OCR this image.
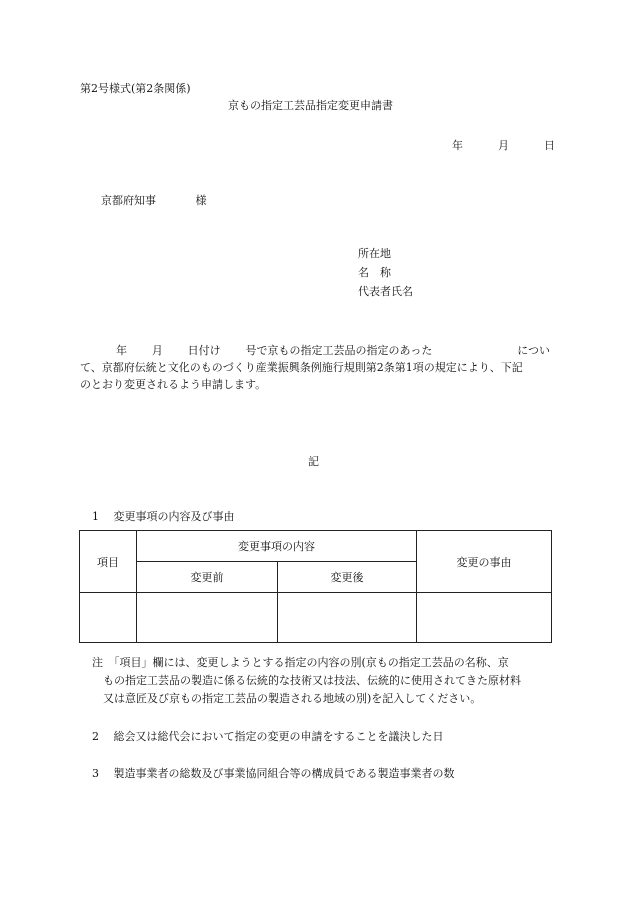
第2号様式(第2条関係)
京もの指定工芸品指定変更申請書
年	月	日
京都府知事	様
所在地
名　称
代表者氏名
年 月 日付け 号で京もの指定工芸品の指定のあった	につい
て、京都府伝統と文化のものづくり産業振興条例施行規則第2条第1項の規定により、下記
のとおり変更されるよう申請します。
記
1　 変更事項の内容及び事由
項目	変更事項の内容		変更の事由
	変更前	変更後	

注　「項目」欄には、変更しようとする指定の内容の別(京もの指定工芸品の名称、京
もの指定工芸品の製造に係る伝統的な技術又は技法、伝統的に使用されてきた原材料
又は意匠及び京もの指定工芸品の製造される地域の別)を記入してください。
2　 総会又は総代会において指定の変更の申請をすることを議決した日
3　 製造事業者の総数及び事業協同組合等の構成員である製造事業者の数
